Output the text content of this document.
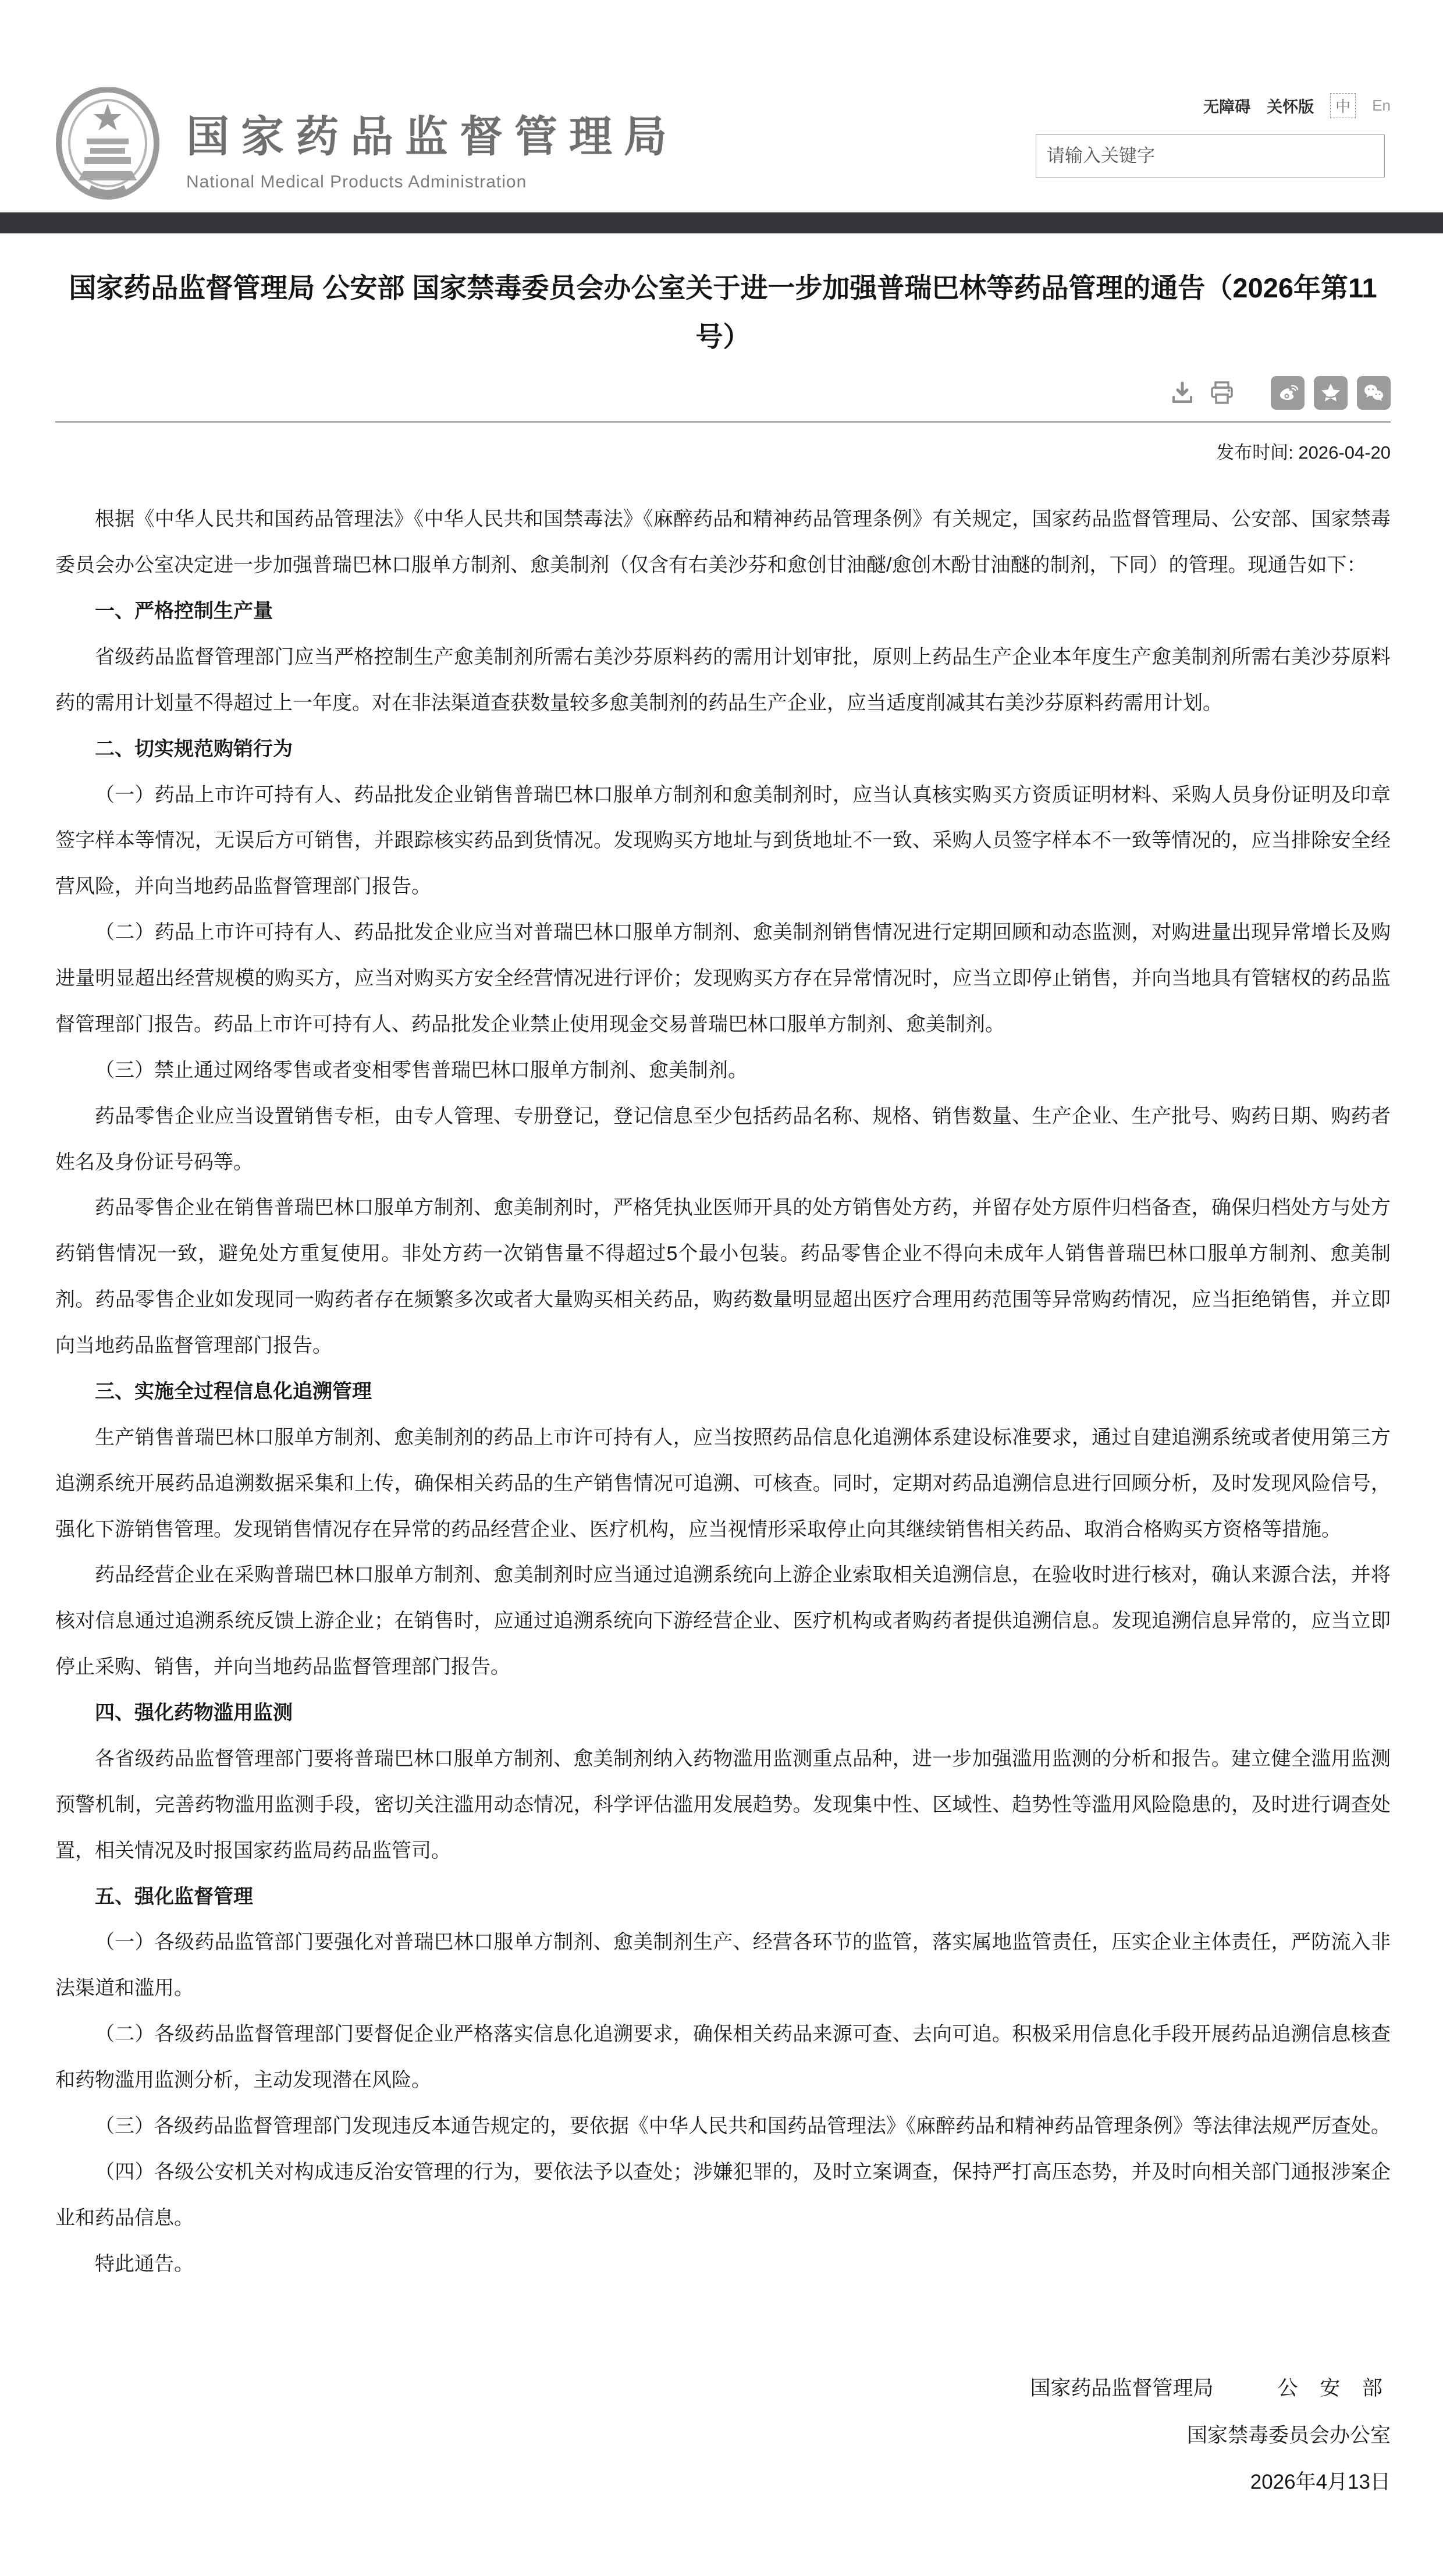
国家药品监督管理局
National Medical Products Administration
无障碍 关怀版	中	En
请输入关键字
国家药品监督管理局 公安部 国家禁毒委员会办公室关于进一步加强普瑞巴林等药品管理的通告（2026年第11号）
发布时间: 2026-04-20

根据《中华人民共和国药品管理法》《中华人民共和国禁毒法》《麻醉药品和精神药品管理条例》有关规定，国家药品监督管理局、公安部、国家禁毒委员会办公室决定进一步加强普瑞巴林口服单方制剂、愈美制剂（仅含有右美沙芬和愈创甘油醚/愈创木酚甘油醚的制剂，下同）的管理。现通告如下：

一、严格控制生产量

省级药品监督管理部门应当严格控制生产愈美制剂所需右美沙芬原料药的需用计划审批，原则上药品生产企业本年度生产愈美制剂所需右美沙芬原料药的需用计划量不得超过上一年度。对在非法渠道查获数量较多愈美制剂的药品生产企业，应当适度削减其右美沙芬原料药需用计划。

二、切实规范购销行为

（一）药品上市许可持有人、药品批发企业销售普瑞巴林口服单方制剂和愈美制剂时，应当认真核实购买方资质证明材料、采购人员身份证明及印章签字样本等情况，无误后方可销售，并跟踪核实药品到货情况。发现购买方地址与到货地址不一致、采购人员签字样本不一致等情况的，应当排除安全经营风险，并向当地药品监督管理部门报告。

（二）药品上市许可持有人、药品批发企业应当对普瑞巴林口服单方制剂、愈美制剂销售情况进行定期回顾和动态监测，对购进量出现异常增长及购进量明显超出经营规模的购买方，应当对购买方安全经营情况进行评价；发现购买方存在异常情况时，应当立即停止销售，并向当地具有管辖权的药品监督管理部门报告。药品上市许可持有人、药品批发企业禁止使用现金交易普瑞巴林口服单方制剂、愈美制剂。

（三）禁止通过网络零售或者变相零售普瑞巴林口服单方制剂、愈美制剂。

药品零售企业应当设置销售专柜，由专人管理、专册登记，登记信息至少包括药品名称、规格、销售数量、生产企业、生产批号、购药日期、购药者姓名及身份证号码等。

药品零售企业在销售普瑞巴林口服单方制剂、愈美制剂时，严格凭执业医师开具的处方销售处方药，并留存处方原件归档备查，确保归档处方与处方药销售情况一致，避免处方重复使用。非处方药一次销售量不得超过5个最小包装。药品零售企业不得向未成年人销售普瑞巴林口服单方制剂、愈美制剂。药品零售企业如发现同一购药者存在频繁多次或者大量购买相关药品，购药数量明显超出医疗合理用药范围等异常购药情况，应当拒绝销售，并立即向当地药品监督管理部门报告。

三、实施全过程信息化追溯管理

生产销售普瑞巴林口服单方制剂、愈美制剂的药品上市许可持有人，应当按照药品信息化追溯体系建设标准要求，通过自建追溯系统或者使用第三方追溯系统开展药品追溯数据采集和上传，确保相关药品的生产销售情况可追溯、可核查。同时，定期对药品追溯信息进行回顾分析，及时发现风险信号，强化下游销售管理。发现销售情况存在异常的药品经营企业、医疗机构，应当视情形采取停止向其继续销售相关药品、取消合格购买方资格等措施。

药品经营企业在采购普瑞巴林口服单方制剂、愈美制剂时应当通过追溯系统向上游企业索取相关追溯信息，在验收时进行核对，确认来源合法，并将核对信息通过追溯系统反馈上游企业；在销售时，应通过追溯系统向下游经营企业、医疗机构或者购药者提供追溯信息。发现追溯信息异常的，应当立即停止采购、销售，并向当地药品监督管理部门报告。

四、强化药物滥用监测

各省级药品监督管理部门要将普瑞巴林口服单方制剂、愈美制剂纳入药物滥用监测重点品种，进一步加强滥用监测的分析和报告。建立健全滥用监测预警机制，完善药物滥用监测手段，密切关注滥用动态情况，科学评估滥用发展趋势。发现集中性、区域性、趋势性等滥用风险隐患的，及时进行调查处置，相关情况及时报国家药监局药品监管司。

五、强化监督管理

（一）各级药品监管部门要强化对普瑞巴林口服单方制剂、愈美制剂生产、经营各环节的监管，落实属地监管责任，压实企业主体责任，严防流入非法渠道和滥用。

（二）各级药品监督管理部门要督促企业严格落实信息化追溯要求，确保相关药品来源可查、去向可追。积极采用信息化手段开展药品追溯信息核查和药物滥用监测分析，主动发现潜在风险。

（三）各级药品监督管理部门发现违反本通告规定的，要依据《中华人民共和国药品管理法》《麻醉药品和精神药品管理条例》等法律法规严厉查处。

（四）各级公安机关对构成违反治安管理的行为，要依法予以查处；涉嫌犯罪的，及时立案调查，保持严打高压态势，并及时向相关部门通报涉案企业和药品信息。

特此通告。

国家药品监督管理局	公 安 部
国家禁毒委员会办公室
2026年4月13日
